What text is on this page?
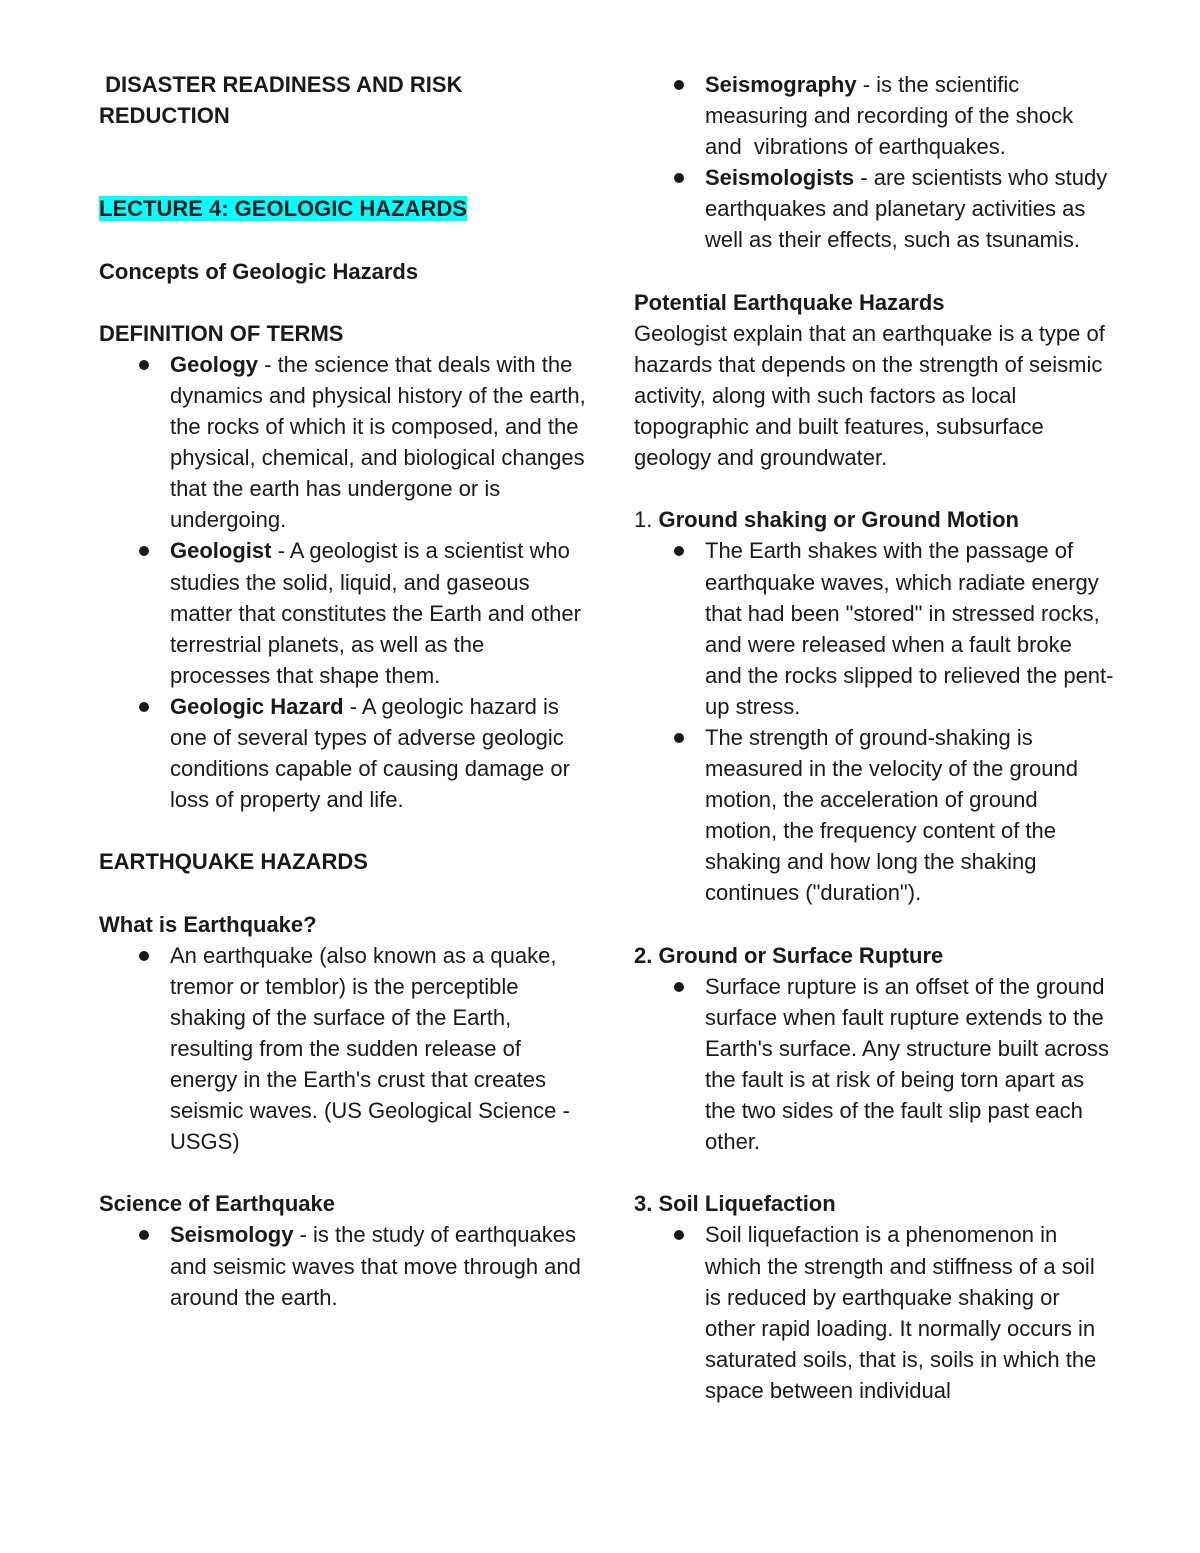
DISASTER READINESS AND RISK REDUCTION
LECTURE 4: GEOLOGIC HAZARDS
Concepts of Geologic Hazards
DEFINITION OF TERMS
Geology - the science that deals with the dynamics and physical history of the earth, the rocks of which it is composed, and the physical, chemical, and biological changes that the earth has undergone or is undergoing.
Geologist - A geologist is a scientist who studies the solid, liquid, and gaseous matter that constitutes the Earth and other terrestrial planets, as well as the processes that shape them.
Geologic Hazard - A geologic hazard is one of several types of adverse geologic conditions capable of causing damage or loss of property and life.
EARTHQUAKE HAZARDS
What is Earthquake?
An earthquake (also known as a quake, tremor or temblor) is the perceptible shaking of the surface of the Earth, resulting from the sudden release of energy in the Earth's crust that creates seismic waves. (US Geological Science - USGS)
Science of Earthquake
Seismology - is the study of earthquakes and seismic waves that move through and around the earth.
Seismography - is the scientific measuring and recording of the shock and  vibrations of earthquakes.
Seismologists - are scientists who study earthquakes and planetary activities as well as their effects, such as tsunamis.
Potential Earthquake Hazards
Geologist explain that an earthquake is a type of hazards that depends on the strength of seismic activity, along with such factors as local topographic and built features, subsurface geology and groundwater.
1. Ground shaking or Ground Motion
The Earth shakes with the passage of earthquake waves, which radiate energy that had been "stored" in stressed rocks, and were released when a fault broke and the rocks slipped to relieved the pent-up stress.
The strength of ground-shaking is measured in the velocity of the ground motion, the acceleration of ground motion, the frequency content of the shaking and how long the shaking continues ("duration").
2. Ground or Surface Rupture
Surface rupture is an offset of the ground surface when fault rupture extends to the Earth's surface. Any structure built across the fault is at risk of being torn apart as the two sides of the fault slip past each other.
3. Soil Liquefaction
Soil liquefaction is a phenomenon in which the strength and stiffness of a soil is reduced by earthquake shaking or other rapid loading. It normally occurs in saturated soils, that is, soils in which the space between individual
